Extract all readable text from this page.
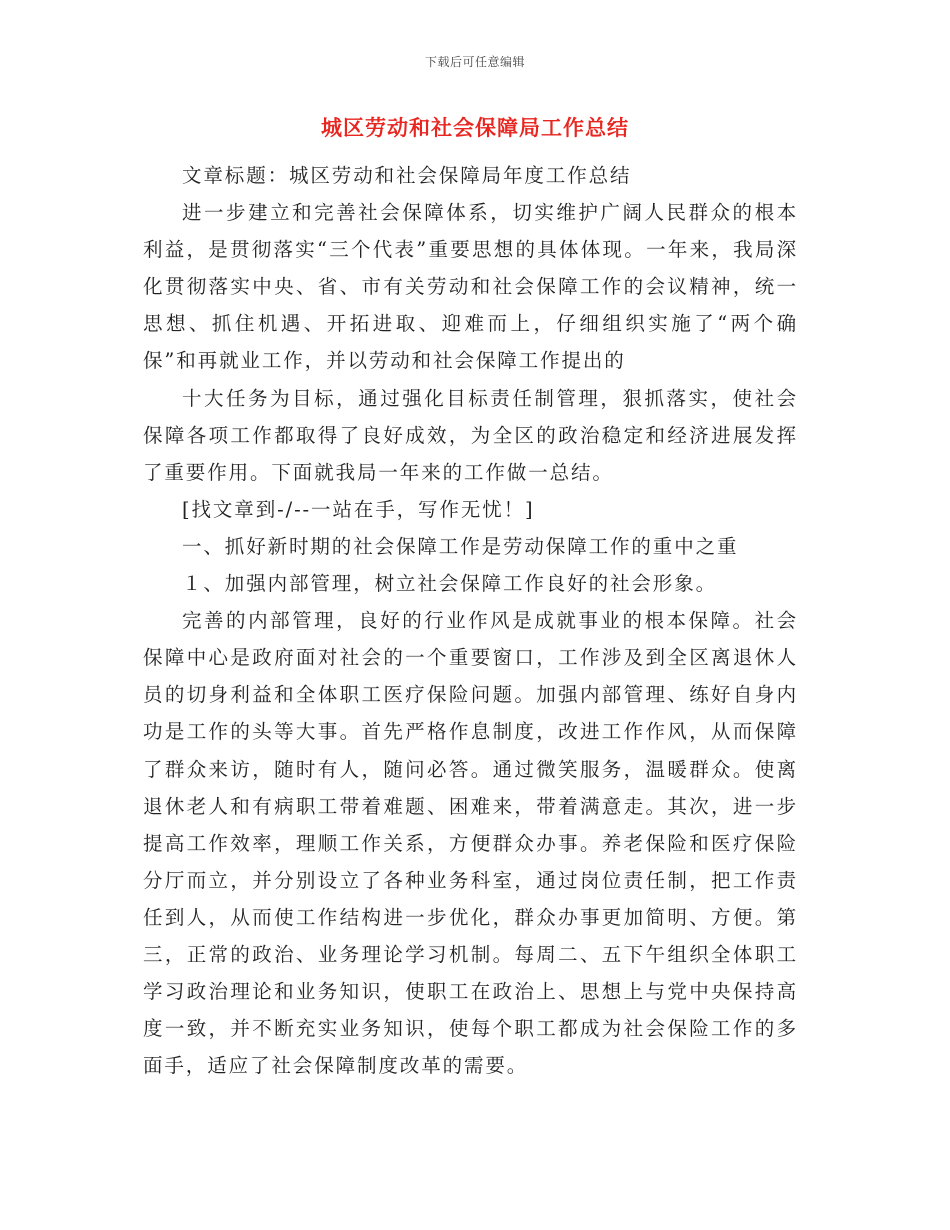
下载后可任意编辑
城区劳动和社会保障局工作总结

文章标题：城区劳动和社会保障局年度工作总结

进一步建立和完善社会保障体系，切实维护广阔人民群众的根本利益，是贯彻落实“三个代表”重要思想的具体体现。一年来，我局深化贯彻落实中央、省、市有关劳动和社会保障工作的会议精神，统一思想、抓住机遇、开拓进取、迎难而上，仔细组织实施了“两个确保”和再就业工作，并以劳动和社会保障工作提出的

十大任务为目标，通过强化目标责任制管理，狠抓落实，使社会保障各项工作都取得了良好成效，为全区的政治稳定和经济进展发挥了重要作用。下面就我局一年来的工作做一总结。

[找文章到-/--一站在手，写作无忧！]

一、抓好新时期的社会保障工作是劳动保障工作的重中之重

１、加强内部管理，树立社会保障工作良好的社会形象。

完善的内部管理，良好的行业作风是成就事业的根本保障。社会保障中心是政府面对社会的一个重要窗口，工作涉及到全区离退休人员的切身利益和全体职工医疗保险问题。加强内部管理、练好自身内功是工作的头等大事。首先严格作息制度，改进工作作风，从而保障了群众来访，随时有人，随问必答。通过微笑服务，温暖群众。使离退休老人和有病职工带着难题、困难来，带着满意走。其次，进一步提高工作效率，理顺工作关系，方便群众办事。养老保险和医疗保险分厅而立，并分别设立了各种业务科室，通过岗位责任制，把工作责任到人，从而使工作结构进一步优化，群众办事更加简明、方便。第三，正常的政治、业务理论学习机制。每周二、五下午组织全体职工学习政治理论和业务知识，使职工在政治上、思想上与党中央保持高度一致，并不断充实业务知识，使每个职工都成为社会保险工作的多面手，适应了社会保障制度改革的需要。
